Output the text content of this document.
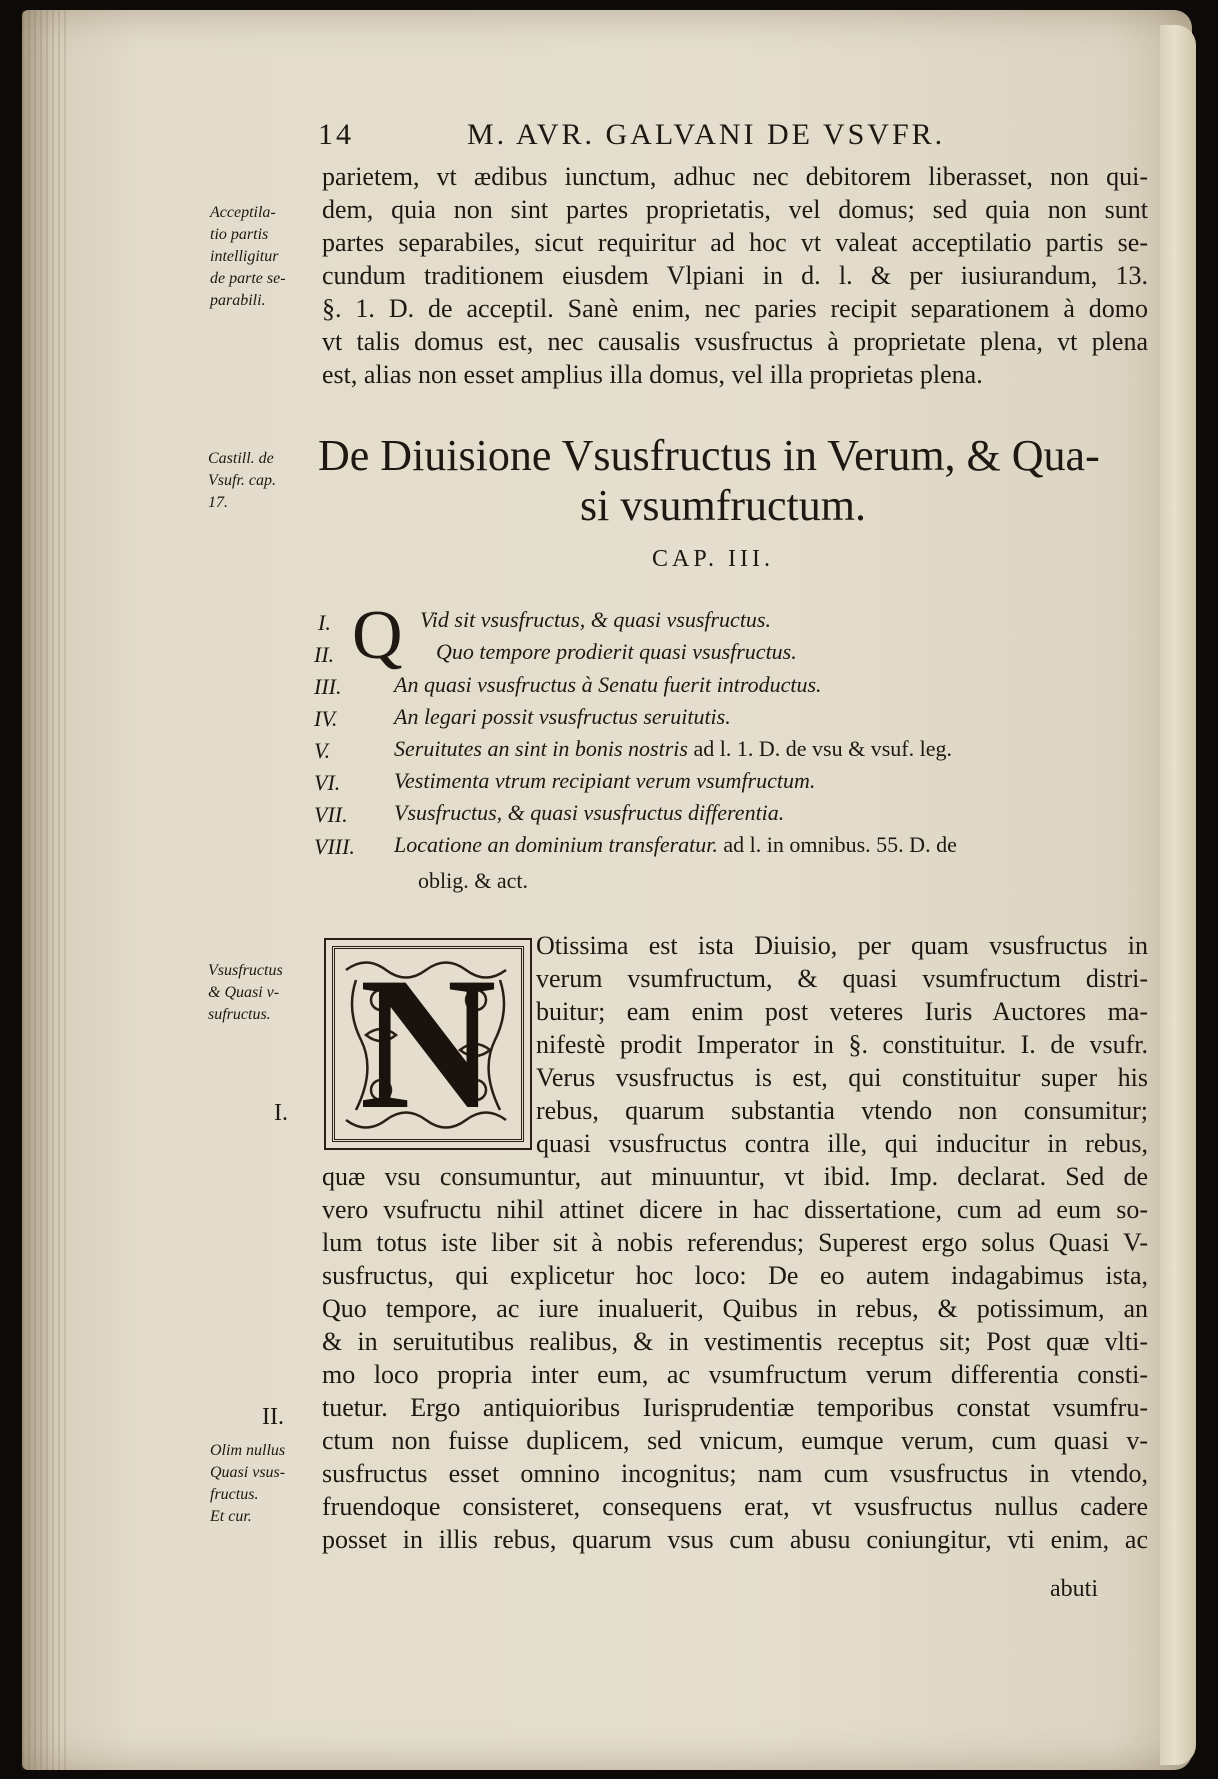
14	M. AVR. GALVANI DE VSVFR.
parietem, vt ædibus iunctum, adhuc nec debitorem liberasset, non qui-
dem, quia non sint partes proprietatis, vel domus; sed quia non sunt
partes separabiles, sicut requiritur ad hoc vt valeat acceptilatio partis se-
cundum traditionem eiusdem Vlpiani in d. l. & per iusiurandum, 13.
§. 1. D. de acceptil. Sanè enim, nec paries recipit separationem à domo
vt talis domus est, nec causalis vsusfructus à proprietate plena, vt plena
est, alias non esset amplius illa domus, vel illa proprietas plena.
Acceptila-
tio partis
intelligitur
de parte se-
parabili.
Castill. de
Vsufr. cap.
17.
De Diuisione Vsusfructus in Verum, & Qua-
si vsumfructum.
CAP. III.
Q
I.	Vid sit vsusfructus, & quasi vsusfructus.
II.	Quo tempore prodierit quasi vsusfructus.
III. An quasi vsusfructus à Senatu fuerit introductus.
IV.	An legari possit vsusfructus seruitutis.
V.	Seruitutes an sint in bonis nostris ad l. 1. D. de vsu & vsuf. leg.
VI. Vestimenta vtrum recipiant verum vsumfructum.
VII. Vsusfructus, & quasi vsusfructus differentia.
VIII. Locatione an dominium transferatur. ad l. in omnibus. 55. D. de
oblig. & act.
N
Vsusfructus
& Quasi v-
sufructus.
I.
II.
Olim nullus
Quasi vsus-
fructus.
Et cur.
Otissima est ista Diuisio, per quam vsusfructus in
verum vsumfructum, & quasi vsumfructum distri-
buitur; eam enim post veteres Iuris Auctores ma-
nifestè prodit Imperator in §. constituitur. I. de vsufr.
Verus vsusfructus is est, qui constituitur super his
rebus, quarum substantia vtendo non consumitur;
quasi vsusfructus contra ille, qui inducitur in rebus,
quæ vsu consumuntur, aut minuuntur, vt ibid. Imp. declarat. Sed de
vero vsufructu nihil attinet dicere in hac dissertatione, cum ad eum so-
lum totus iste liber sit à nobis referendus; Superest ergo solus Quasi V-
susfructus, qui explicetur hoc loco: De eo autem indagabimus ista,
Quo tempore, ac iure inualuerit, Quibus in rebus, & potissimum, an
& in seruitutibus realibus, & in vestimentis receptus sit; Post quæ vlti-
mo loco propria inter eum, ac vsumfructum verum differentia consti-
tuetur. Ergo antiquioribus Iurisprudentiæ temporibus constat vsumfru-
ctum non fuisse duplicem, sed vnicum, eumque verum, cum quasi v-
susfructus esset omnino incognitus; nam cum vsusfructus in vtendo,
fruendoque consisteret, consequens erat, vt vsusfructus nullus cadere
posset in illis rebus, quarum vsus cum abusu coniungitur, vti enim, ac
abuti
